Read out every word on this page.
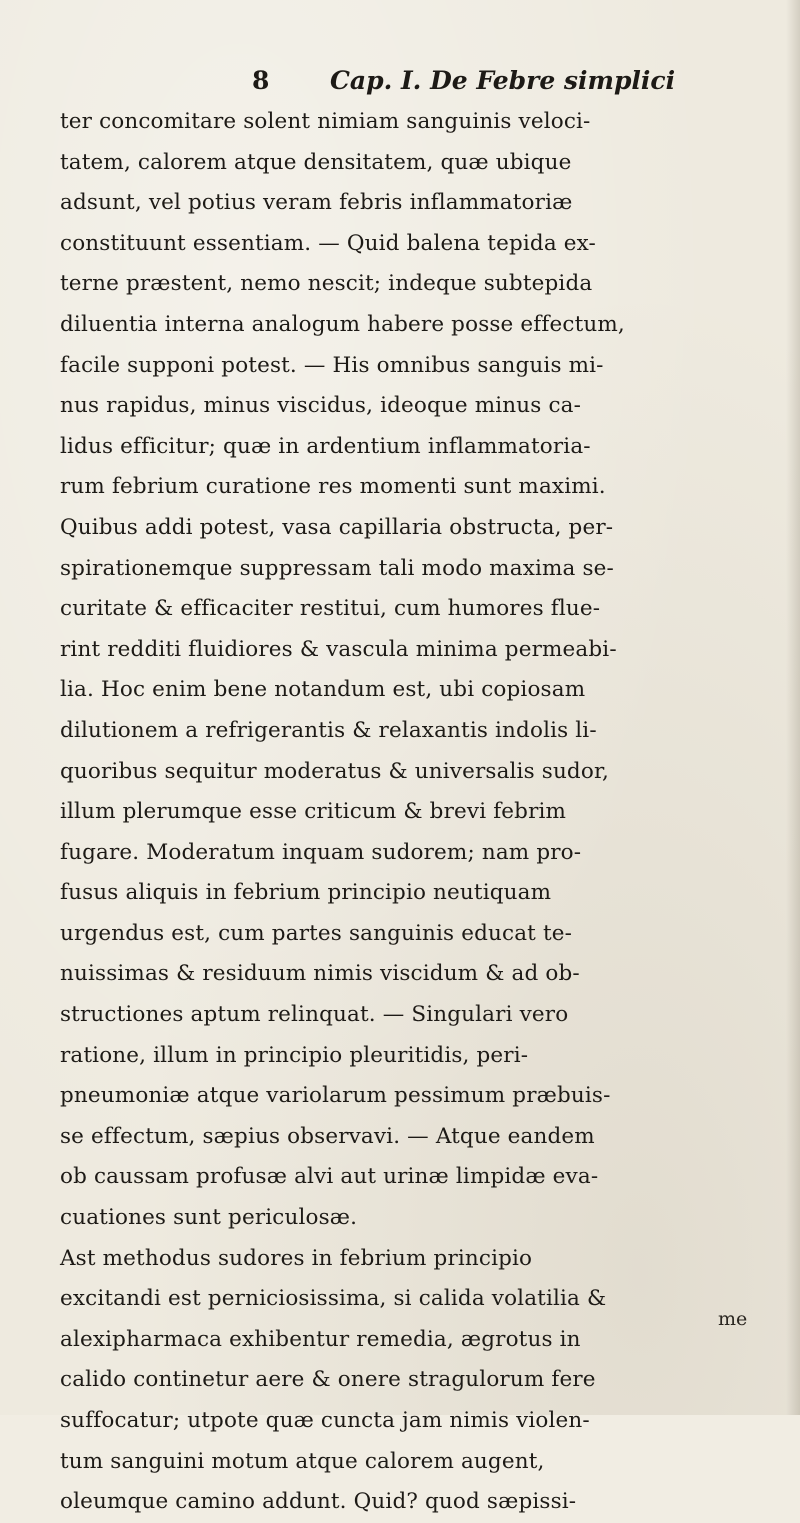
8 Cap. I. De Febre simplici
ter concomitare solent nimiam sanguinis veloci-
tatem, calorem atque densitatem, quæ ubique
adsunt, vel potius veram febris inflammatoriæ
constituunt essentiam. — Quid balena tepida ex-
terne præstent, nemo nescit; indeque subtepida
diluentia interna analogum habere posse effectum,
facile supponi potest. — His omnibus sanguis mi-
nus rapidus, minus viscidus, ideoque minus ca-
lidus efficitur; quæ in ardentium inflammatoria-
rum febrium curatione res momenti sunt maximi.
Quibus addi potest, vasa capillaria obstructa, per-
spirationemque suppressam tali modo maxima se-
curitate & efficaciter restitui, cum humores flue-
rint redditi fluidiores & vascula minima permeabi-
lia. Hoc enim bene notandum est, ubi copiosam
dilutionem a refrigerantis & relaxantis indolis li-
quoribus sequitur moderatus & universalis sudor,
illum plerumque esse criticum & brevi febrim
fugare. Moderatum inquam sudorem; nam pro-
fusus aliquis in febrium principio neutiquam
urgendus est, cum partes sanguinis educat te-
nuissimas & residuum nimis viscidum & ad ob-
structiones aptum relinquat. — Singulari vero
ratione, illum in principio pleuritidis, peri-
pneumoniæ atque variolarum pessimum præbuis-
se effectum, sæpius observavi. — Atque eandem
ob caussam profusæ alvi aut urinæ limpidæ eva-
cuationes sunt periculosæ.
Ast methodus sudores in febrium principio
excitandi est perniciosissima, si calida volatilia &
alexipharmaca exhibentur remedia, ægrotus in
calido continetur aere & onere stragulorum fere
suffocatur; utpote quæ cuncta jam nimis violen-
tum sanguini motum atque calorem augent,
oleumque camino addunt. Quid? quod sæpissi-
me
